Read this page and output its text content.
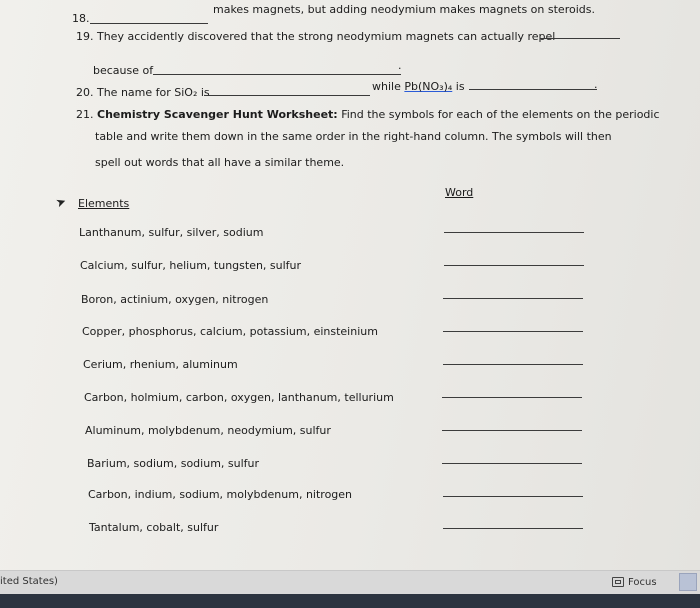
18.
makes magnets, but adding neodymium makes magnets on steroids.
19. They accidently discovered that the strong neodymium magnets can actually repel
because of	.
20. The name for SiO₂ is	while Pb(NO₃)₄ is	.
21. Chemistry Scavenger Hunt Worksheet: Find the symbols for each of the elements on the periodic
table and write them down in the same order in the right-hand column. The symbols will then
spell out words that all have a similar theme.
➤ Elements
Word
Lanthanum, sulfur, silver, sodium
Calcium, sulfur, helium, tungsten, sulfur
Boron, actinium, oxygen, nitrogen
Copper, phosphorus, calcium, potassium, einsteinium
Cerium, rhenium, aluminum
Carbon, holmium, carbon, oxygen, lanthanum, tellurium
Aluminum, molybdenum, neodymium, sulfur
Barium, sodium, sodium, sulfur
Carbon, indium, sodium, molybdenum, nitrogen
Tantalum, cobalt, sulfur
ited States)	Focus
